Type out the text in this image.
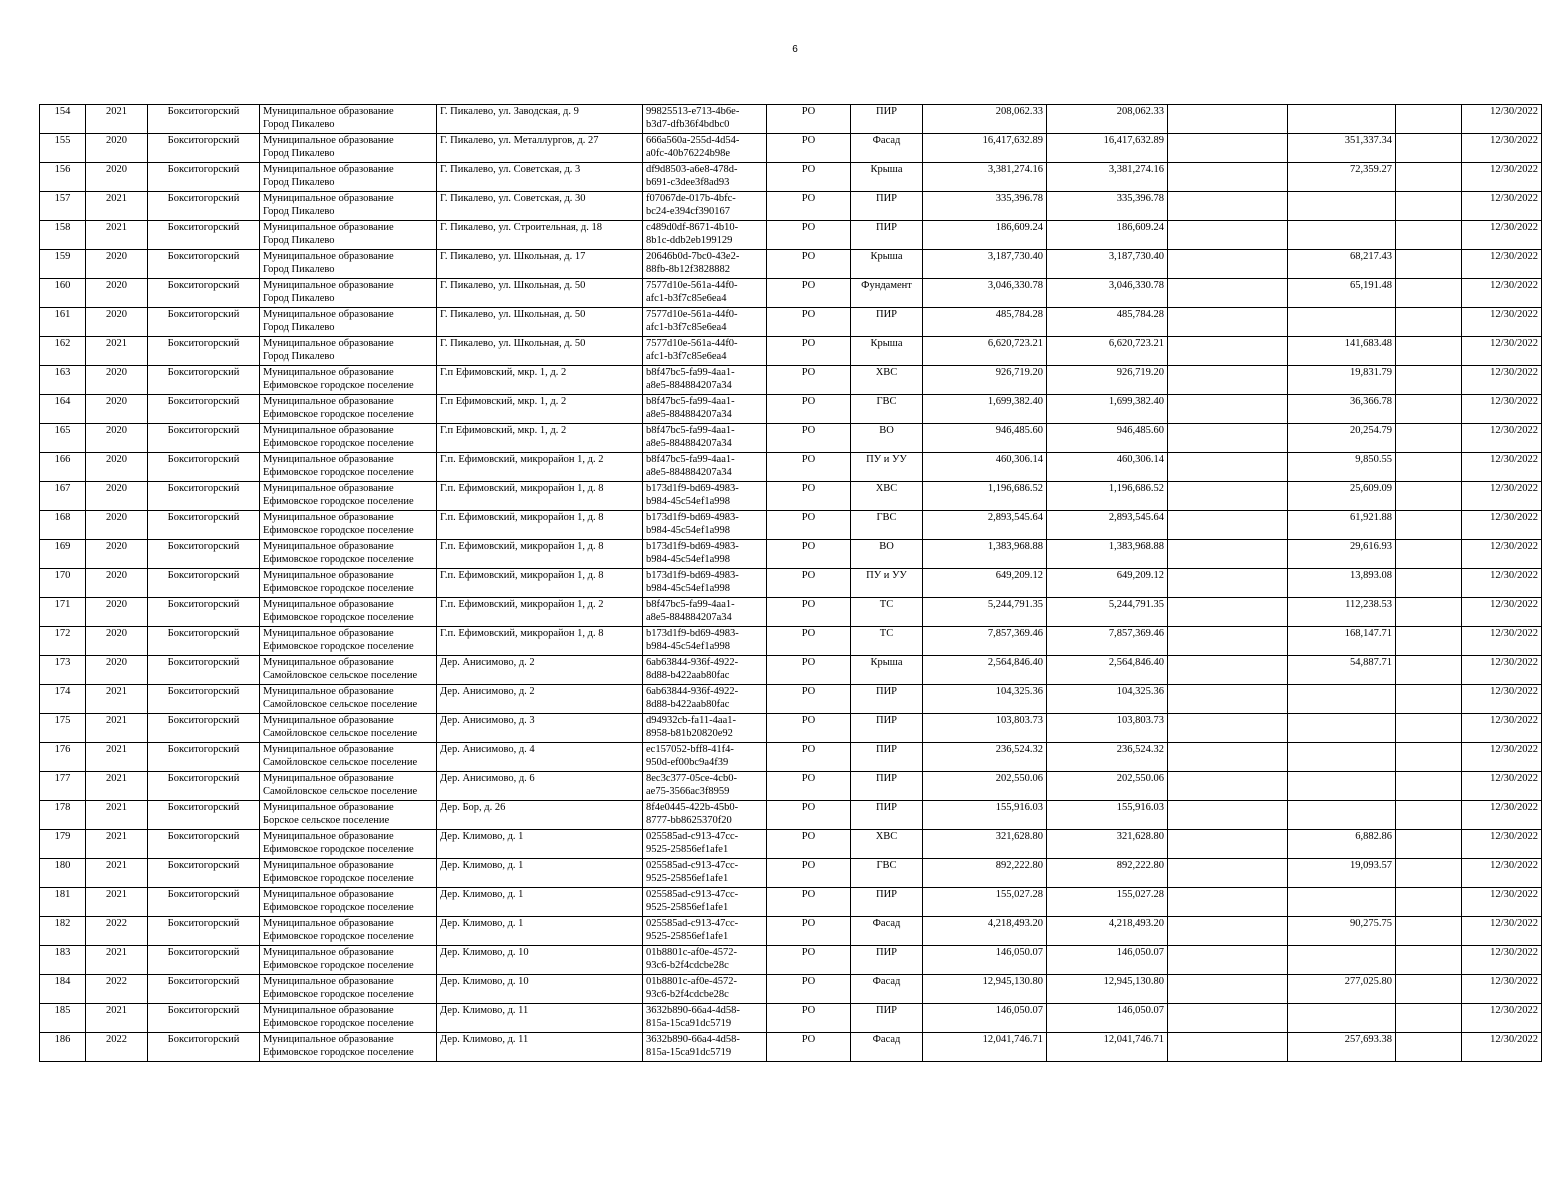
6
154	2021	Бокситогорский	Муниципальное образование
Город Пикалево	Г. Пикалево, ул. Заводская, д. 9	99825513-e713-4b6e-
b3d7-dfb36f4bdbc0	РО	ПИР	208,062.33	208,062.33				12/30/2022
155	2020	Бокситогорский	Муниципальное образование
Город Пикалево	Г. Пикалево, ул. Металлургов, д. 27	666a560a-255d-4d54-
a0fc-40b76224b98e	РО	Фасад	16,417,632.89	16,417,632.89		351,337.34		12/30/2022
156	2020	Бокситогорский	Муниципальное образование
Город Пикалево	Г. Пикалево, ул. Советская, д. 3	df9d8503-a6e8-478d-
b691-c3dee3f8ad93	РО	Крыша	3,381,274.16	3,381,274.16		72,359.27		12/30/2022
157	2021	Бокситогорский	Муниципальное образование
Город Пикалево	Г. Пикалево, ул. Советская, д. 30	f07067de-017b-4bfc-
bc24-e394cf390167	РО	ПИР	335,396.78	335,396.78				12/30/2022
158	2021	Бокситогорский	Муниципальное образование
Город Пикалево	Г. Пикалево, ул. Строительная, д. 18	c489d0df-8671-4b10-
8b1c-ddb2eb199129	РО	ПИР	186,609.24	186,609.24				12/30/2022
159	2020	Бокситогорский	Муниципальное образование
Город Пикалево	Г. Пикалево, ул. Школьная, д. 17	20646b0d-7bc0-43e2-
88fb-8b12f3828882	РО	Крыша	3,187,730.40	3,187,730.40		68,217.43		12/30/2022
160	2020	Бокситогорский	Муниципальное образование
Город Пикалево	Г. Пикалево, ул. Школьная, д. 50	7577d10e-561a-44f0-
afc1-b3f7c85e6ea4	РО	Фундамент	3,046,330.78	3,046,330.78		65,191.48		12/30/2022
161	2020	Бокситогорский	Муниципальное образование
Город Пикалево	Г. Пикалево, ул. Школьная, д. 50	7577d10e-561a-44f0-
afc1-b3f7c85e6ea4	РО	ПИР	485,784.28	485,784.28				12/30/2022
162	2021	Бокситогорский	Муниципальное образование
Город Пикалево	Г. Пикалево, ул. Школьная, д. 50	7577d10e-561a-44f0-
afc1-b3f7c85e6ea4	РО	Крыша	6,620,723.21	6,620,723.21		141,683.48		12/30/2022
163	2020	Бокситогорский	Муниципальное образование
Ефимовское городское поселение	Г.п Ефимовский, мкр. 1, д. 2	b8f47bc5-fa99-4aa1-
a8e5-884884207a34	РО	ХВС	926,719.20	926,719.20		19,831.79		12/30/2022
164	2020	Бокситогорский	Муниципальное образование
Ефимовское городское поселение	Г.п Ефимовский, мкр. 1, д. 2	b8f47bc5-fa99-4aa1-
a8e5-884884207a34	РО	ГВС	1,699,382.40	1,699,382.40		36,366.78		12/30/2022
165	2020	Бокситогорский	Муниципальное образование
Ефимовское городское поселение	Г.п Ефимовский, мкр. 1, д. 2	b8f47bc5-fa99-4aa1-
a8e5-884884207a34	РО	ВО	946,485.60	946,485.60		20,254.79		12/30/2022
166	2020	Бокситогорский	Муниципальное образование
Ефимовское городское поселение	Г.п. Ефимовский, микрорайон 1, д. 2	b8f47bc5-fa99-4aa1-
a8e5-884884207a34	РО	ПУ и УУ	460,306.14	460,306.14		9,850.55		12/30/2022
167	2020	Бокситогорский	Муниципальное образование
Ефимовское городское поселение	Г.п. Ефимовский, микрорайон 1, д. 8	b173d1f9-bd69-4983-
b984-45c54ef1a998	РО	ХВС	1,196,686.52	1,196,686.52		25,609.09		12/30/2022
168	2020	Бокситогорский	Муниципальное образование
Ефимовское городское поселение	Г.п. Ефимовский, микрорайон 1, д. 8	b173d1f9-bd69-4983-
b984-45c54ef1a998	РО	ГВС	2,893,545.64	2,893,545.64		61,921.88		12/30/2022
169	2020	Бокситогорский	Муниципальное образование
Ефимовское городское поселение	Г.п. Ефимовский, микрорайон 1, д. 8	b173d1f9-bd69-4983-
b984-45c54ef1a998	РО	ВО	1,383,968.88	1,383,968.88		29,616.93		12/30/2022
170	2020	Бокситогорский	Муниципальное образование
Ефимовское городское поселение	Г.п. Ефимовский, микрорайон 1, д. 8	b173d1f9-bd69-4983-
b984-45c54ef1a998	РО	ПУ и УУ	649,209.12	649,209.12		13,893.08		12/30/2022
171	2020	Бокситогорский	Муниципальное образование
Ефимовское городское поселение	Г.п. Ефимовский, микрорайон 1, д. 2	b8f47bc5-fa99-4aa1-
a8e5-884884207a34	РО	ТС	5,244,791.35	5,244,791.35		112,238.53		12/30/2022
172	2020	Бокситогорский	Муниципальное образование
Ефимовское городское поселение	Г.п. Ефимовский, микрорайон 1, д. 8	b173d1f9-bd69-4983-
b984-45c54ef1a998	РО	ТС	7,857,369.46	7,857,369.46		168,147.71		12/30/2022
173	2020	Бокситогорский	Муниципальное образование
Самойловское сельское поселение	Дер. Анисимово, д. 2	6ab63844-936f-4922-
8d88-b422aab80fac	РО	Крыша	2,564,846.40	2,564,846.40		54,887.71		12/30/2022
174	2021	Бокситогорский	Муниципальное образование
Самойловское сельское поселение	Дер. Анисимово, д. 2	6ab63844-936f-4922-
8d88-b422aab80fac	РО	ПИР	104,325.36	104,325.36				12/30/2022
175	2021	Бокситогорский	Муниципальное образование
Самойловское сельское поселение	Дер. Анисимово, д. 3	d94932cb-fa11-4aa1-
8958-b81b20820e92	РО	ПИР	103,803.73	103,803.73				12/30/2022
176	2021	Бокситогорский	Муниципальное образование
Самойловское сельское поселение	Дер. Анисимово, д. 4	ec157052-bff8-41f4-
950d-ef00bc9a4f39	РО	ПИР	236,524.32	236,524.32				12/30/2022
177	2021	Бокситогорский	Муниципальное образование
Самойловское сельское поселение	Дер. Анисимово, д. 6	8ec3c377-05ce-4cb0-
ae75-3566ac3f8959	РО	ПИР	202,550.06	202,550.06				12/30/2022
178	2021	Бокситогорский	Муниципальное образование
Борское сельское поселение	Дер. Бор, д. 26	8f4e0445-422b-45b0-
8777-bb8625370f20	РО	ПИР	155,916.03	155,916.03				12/30/2022
179	2021	Бокситогорский	Муниципальное образование
Ефимовское городское поселение	Дер. Климово, д. 1	025585ad-c913-47cc-
9525-25856ef1afe1	РО	ХВС	321,628.80	321,628.80		6,882.86		12/30/2022
180	2021	Бокситогорский	Муниципальное образование
Ефимовское городское поселение	Дер. Климово, д. 1	025585ad-c913-47cc-
9525-25856ef1afe1	РО	ГВС	892,222.80	892,222.80		19,093.57		12/30/2022
181	2021	Бокситогорский	Муниципальное образование
Ефимовское городское поселение	Дер. Климово, д. 1	025585ad-c913-47cc-
9525-25856ef1afe1	РО	ПИР	155,027.28	155,027.28				12/30/2022
182	2022	Бокситогорский	Муниципальное образование
Ефимовское городское поселение	Дер. Климово, д. 1	025585ad-c913-47cc-
9525-25856ef1afe1	РО	Фасад	4,218,493.20	4,218,493.20		90,275.75		12/30/2022
183	2021	Бокситогорский	Муниципальное образование
Ефимовское городское поселение	Дер. Климово, д. 10	01b8801c-af0e-4572-
93c6-b2f4cdcbe28c	РО	ПИР	146,050.07	146,050.07				12/30/2022
184	2022	Бокситогорский	Муниципальное образование
Ефимовское городское поселение	Дер. Климово, д. 10	01b8801c-af0e-4572-
93c6-b2f4cdcbe28c	РО	Фасад	12,945,130.80	12,945,130.80		277,025.80		12/30/2022
185	2021	Бокситогорский	Муниципальное образование
Ефимовское городское поселение	Дер. Климово, д. 11	3632b890-66a4-4d58-
815a-15ca91dc5719	РО	ПИР	146,050.07	146,050.07				12/30/2022
186	2022	Бокситогорский	Муниципальное образование
Ефимовское городское поселение	Дер. Климово, д. 11	3632b890-66a4-4d58-
815a-15ca91dc5719	РО	Фасад	12,041,746.71	12,041,746.71		257,693.38		12/30/2022
